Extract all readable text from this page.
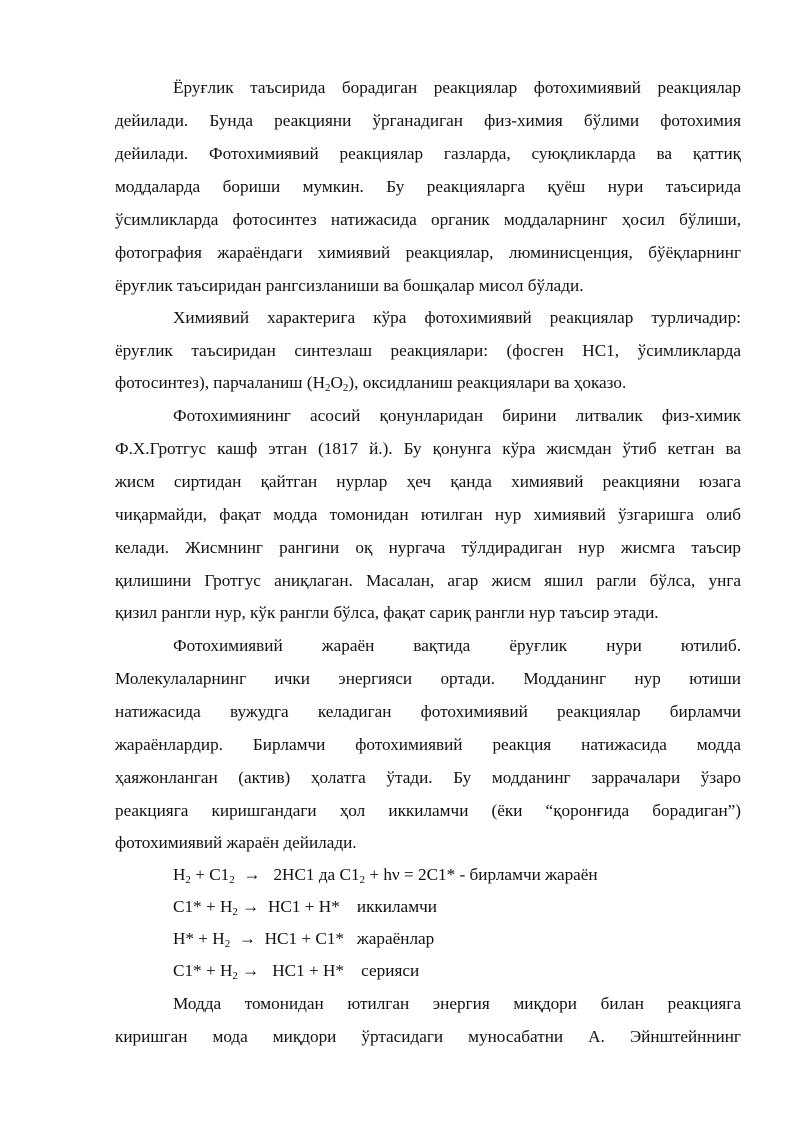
Ёруғлик таъсирида борадиган реакциялар фотохимиявий реакциялар
дейилади. Бунда реакцияни ўрганадиган физ-химия бўлими фотохимия
дейилади. Фотохимиявий реакциялар газларда, суюқликларда ва қаттиқ
моддаларда бориши мумкин. Бу реакцияларга қуёш нури таъсирида
ўсимликларда фотосинтез натижасида органик моддаларнинг ҳосил бўлиши,
фотография жараёндаги химиявий реакциялар, люминисценция, бўёқларнинг
ёруғлик таъсиридан рангсизланиши ва бошқалар мисол бўлади.
Химиявий характерига кўра фотохимиявий реакциялар турличадир:
ёруғлик таъсиридан синтезлаш реакциялари: (фосген НС1, ўсимликларда
фотосинтез), парчаланиш $(Н_2О_2)$, оксидланиш реакциялари ва ҳоказо.
Фотохимиянинг асосий қонунларидан бирини литвалик физ-химик
Ф.Х.Гротгус кашф этган (1817 й.). Бу қонунга кўра жисмдан ўтиб кетган ва
жисм сиртидан қайтган нурлар ҳеч қанда химиявий реакцияни юзага
чиқармайди, фақат модда томонидан ютилган нур химиявий ўзгаришга олиб
келади. Жисмнинг рангини оқ нургача тўлдирадиган нур жисмга таъсир
қилишини Гротгус аниқлаган. Масалан, агар жисм яшил рагли бўлса, унга
қизил рангли нур, кўк рангли бўлса, фақат сариқ рангли нур таъсир этади.
Фотохимиявий жараён вақтида ёруғлик нури ютилиб.
Молекулаларнинг ички энергияси ортади. Модданинг нур ютиши
натижасида вужудга келадиган фотохимиявий реакциялар бирламчи
жараёнлардир. Бирламчи фотохимиявий реакция натижасида модда
ҳаяжонланган (актив) ҳолатга ўтади. Бу модданинг заррачалари ўзаро
реакцияга киришгандаги ҳол иккиламчи (ёки “қоронғида борадиган”)
фотохимиявий жараён дейилади.
$Н_2 + С1_2 \to 2НС1$ да $С1_2 + h\nu = 2С1*$ - бирламчи жараён
$С1* + Н_2 \to НС1 + Н*$    иккиламчи
$Н* + Н_2 \to НС1 + С1*$   жараёнлар
$С1* + Н_2 \to НС1 + Н*$    серияси
Модда томонидан ютилган энергия миқдори билан реакцияга
киришган мода миқдори ўртасидаги муносабатни А. Эйнштейннинг
